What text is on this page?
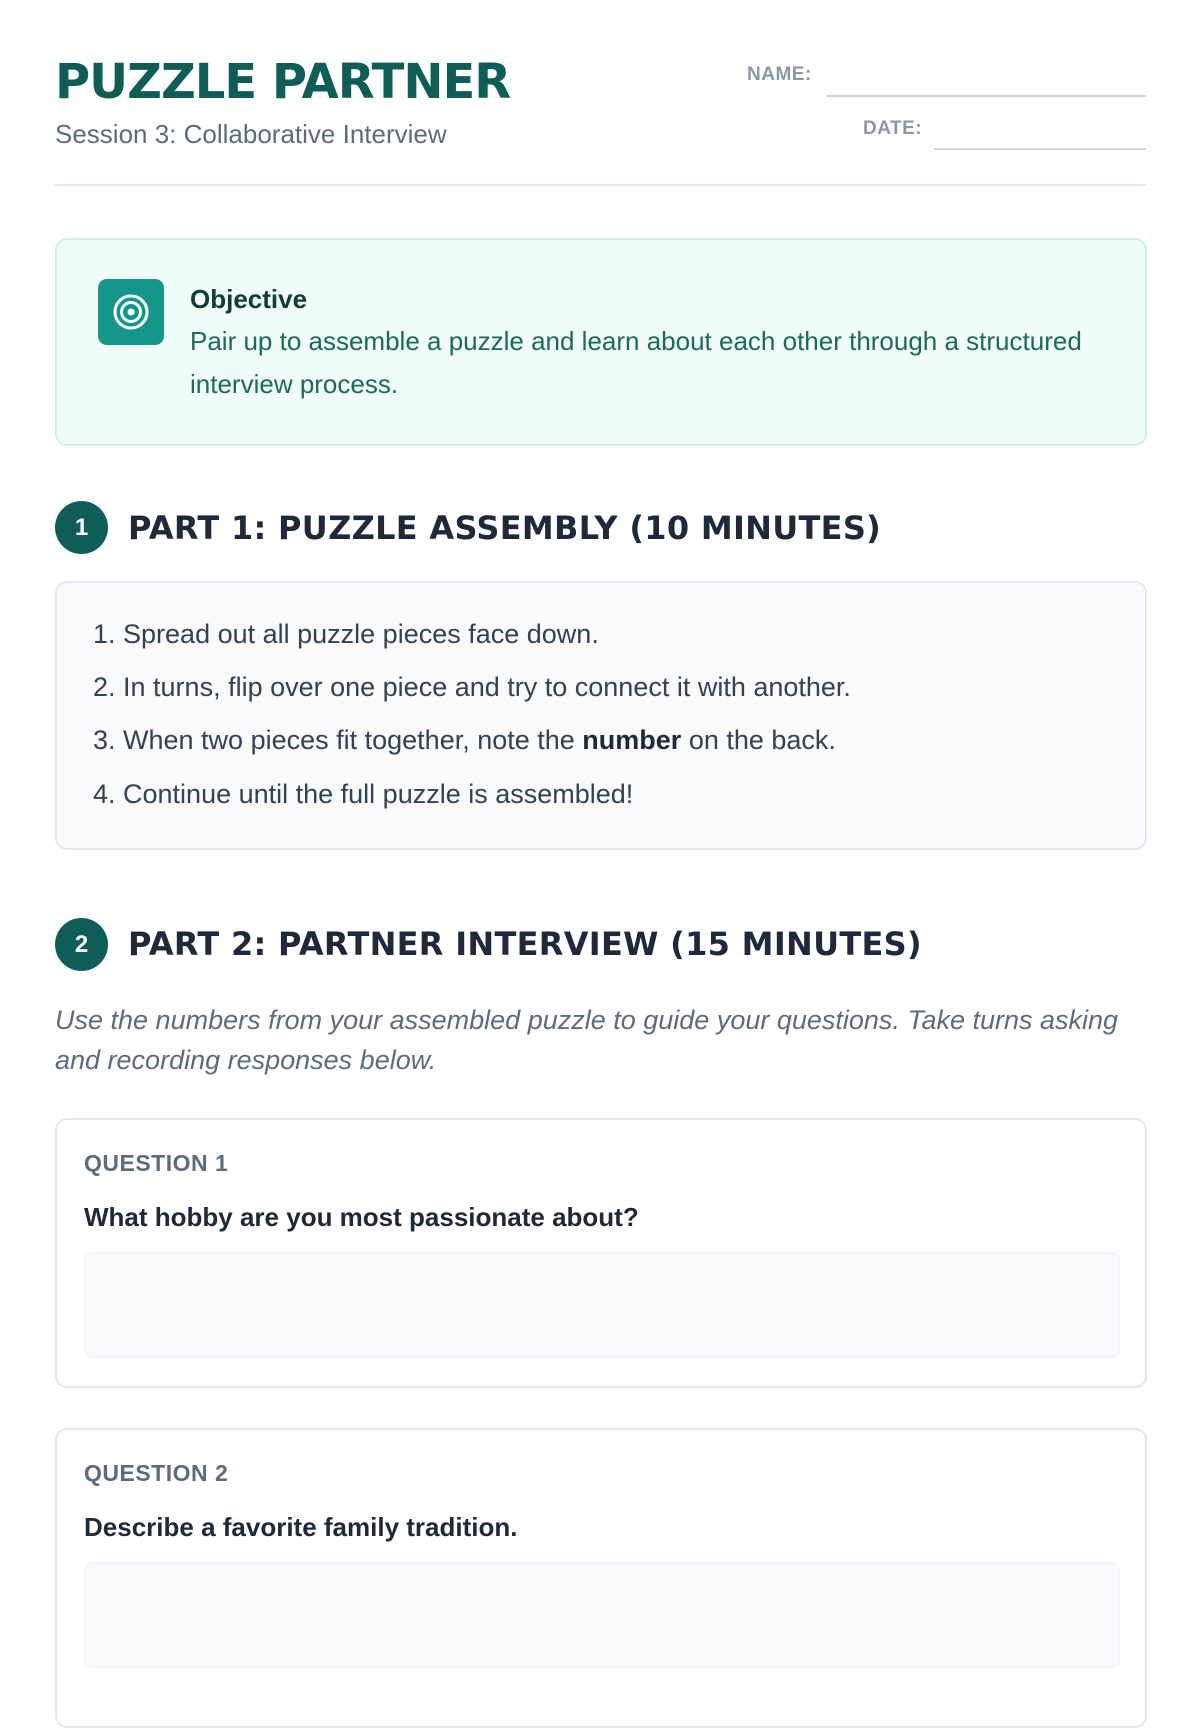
PUZZLE PARTNER
Session 3: Collaborative Interview
NAME:
DATE:
Objective
Pair up to assemble a puzzle and learn about each other through a structured interview process.
1	PART 1: PUZZLE ASSEMBLY (10 MINUTES)
1. Spread out all puzzle pieces face down.
2. In turns, flip over one piece and try to connect it with another.
3. When two pieces fit together, note the number on the back.
4. Continue until the full puzzle is assembled!
2	PART 2: PARTNER INTERVIEW (15 MINUTES)
Use the numbers from your assembled puzzle to guide your questions. Take turns asking and recording responses below.
QUESTION 1
What hobby are you most passionate about?
QUESTION 2
Describe a favorite family tradition.
